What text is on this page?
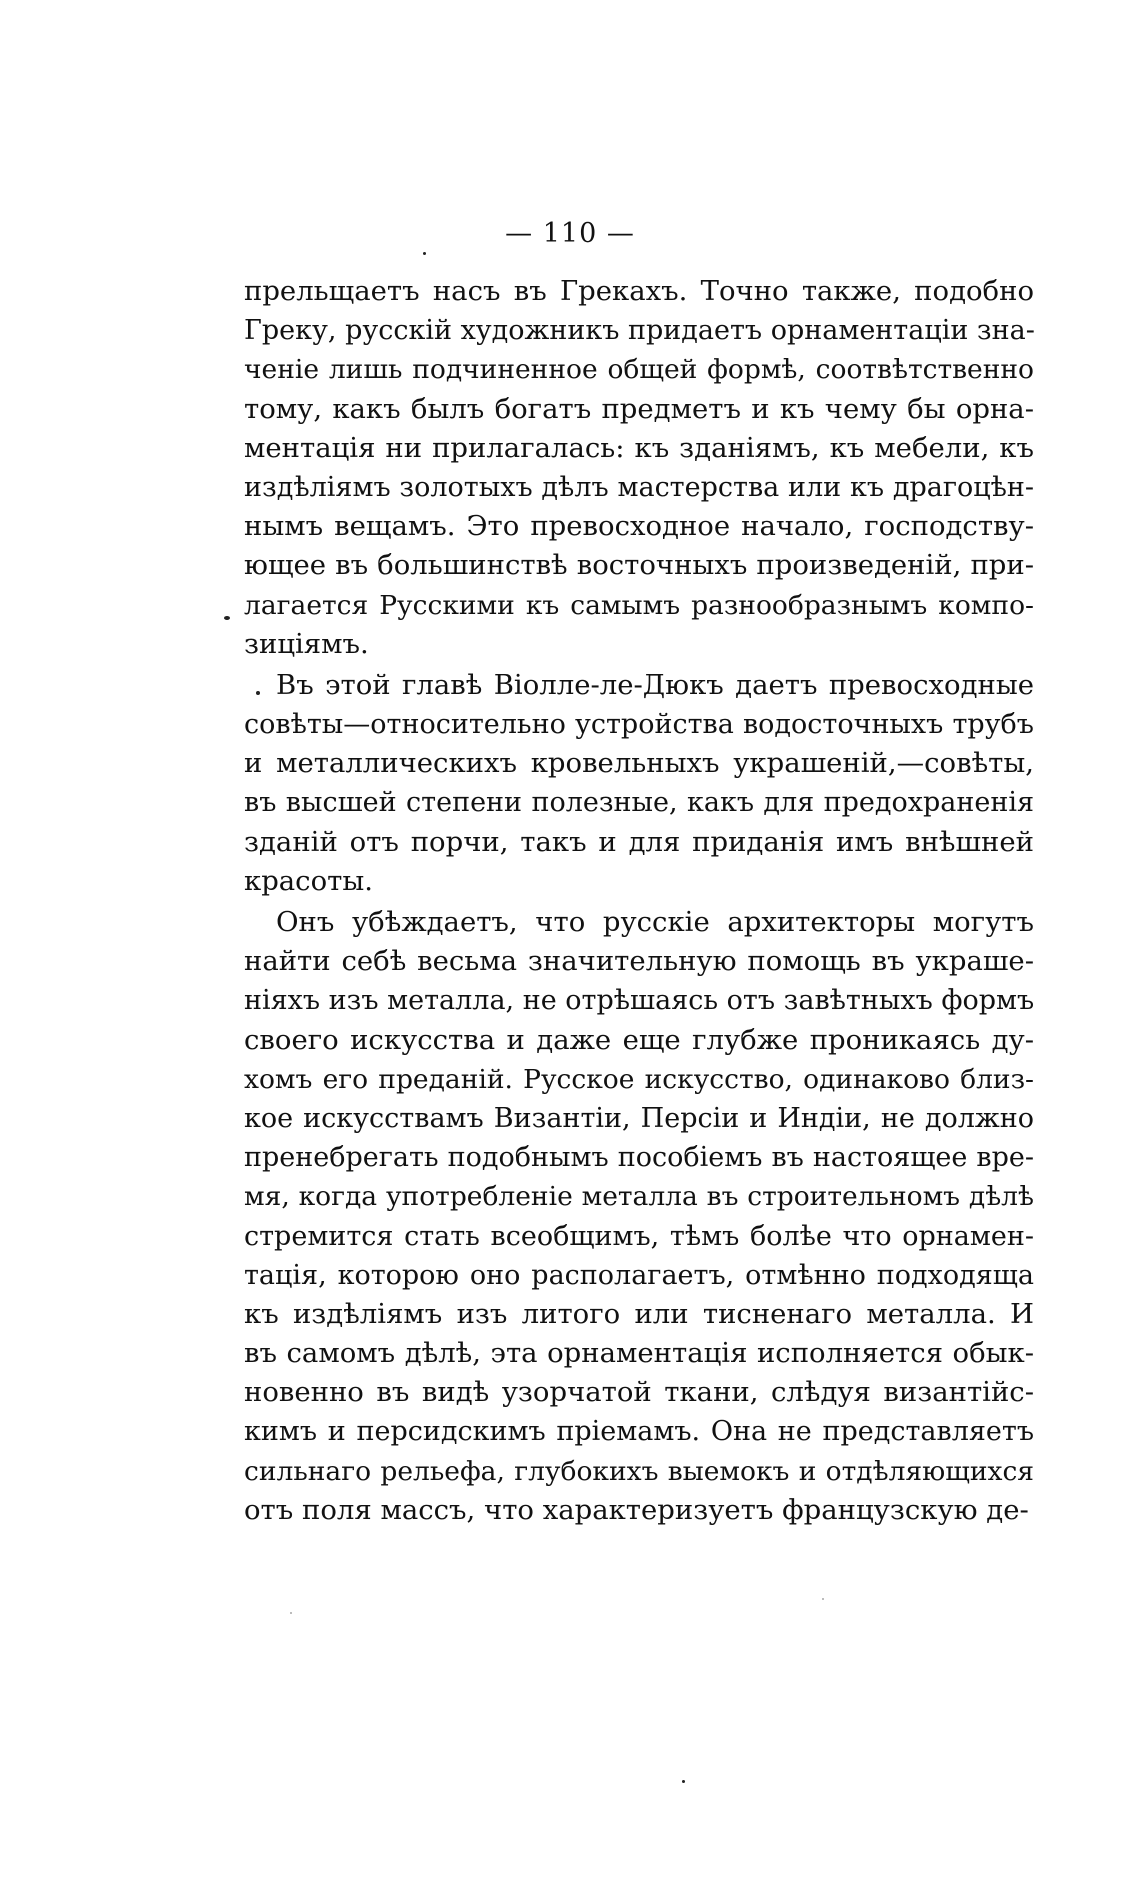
— 110 —
прельщаетъ насъ въ Грекахъ. Точно также, подобно
Греку, русскій художникъ придаетъ орнаментаціи зна-
ченіе лишь подчиненное общей формѣ, соотвѣтственно
тому, какъ былъ богатъ предметъ и къ чему бы орна-
ментація ни прилагалась: къ зданіямъ, къ мебели, къ
издѣліямъ золотыхъ дѣлъ мастерства или къ драгоцѣн-
нымъ вещамъ. Это превосходное начало, господству-
ющее въ большинствѣ восточныхъ произведеній, при-
лагается Русскими къ самымъ разнообразнымъ компо-
зиціямъ.
Въ этой главѣ Віолле-ле-Дюкъ даетъ превосходные
совѣты—относительно устройства водосточныхъ трубъ
и металлическихъ кровельныхъ украшеній,—совѣты,
въ высшей степени полезные, какъ для предохраненія
зданій отъ порчи, такъ и для приданія имъ внѣшней
красоты.
Онъ убѣждаетъ, что русскіе архитекторы могутъ
найти себѣ весьма значительную помощь въ украше-
ніяхъ изъ металла, не отрѣшаясь отъ завѣтныхъ формъ
своего искусства и даже еще глубже проникаясь ду-
хомъ его преданій. Русское искусство, одинаково близ-
кое искусствамъ Византіи, Персіи и Индіи, не должно
пренебрегать подобнымъ пособіемъ въ настоящее вре-
мя, когда употребленіе металла въ строительномъ дѣлѣ
стремится стать всеобщимъ, тѣмъ болѣе что орнамен-
тація, которою оно располагаетъ, отмѣнно подходяща
къ издѣліямъ изъ литого или тисненаго металла. И
въ самомъ дѣлѣ, эта орнаментація исполняется обык-
новенно въ видѣ узорчатой ткани, слѣдуя византійс-
кимъ и персидскимъ пріемамъ. Она не представляетъ
сильнаго рельефа, глубокихъ выемокъ и отдѣляющихся
отъ поля массъ, что характеризуетъ французскую де-
